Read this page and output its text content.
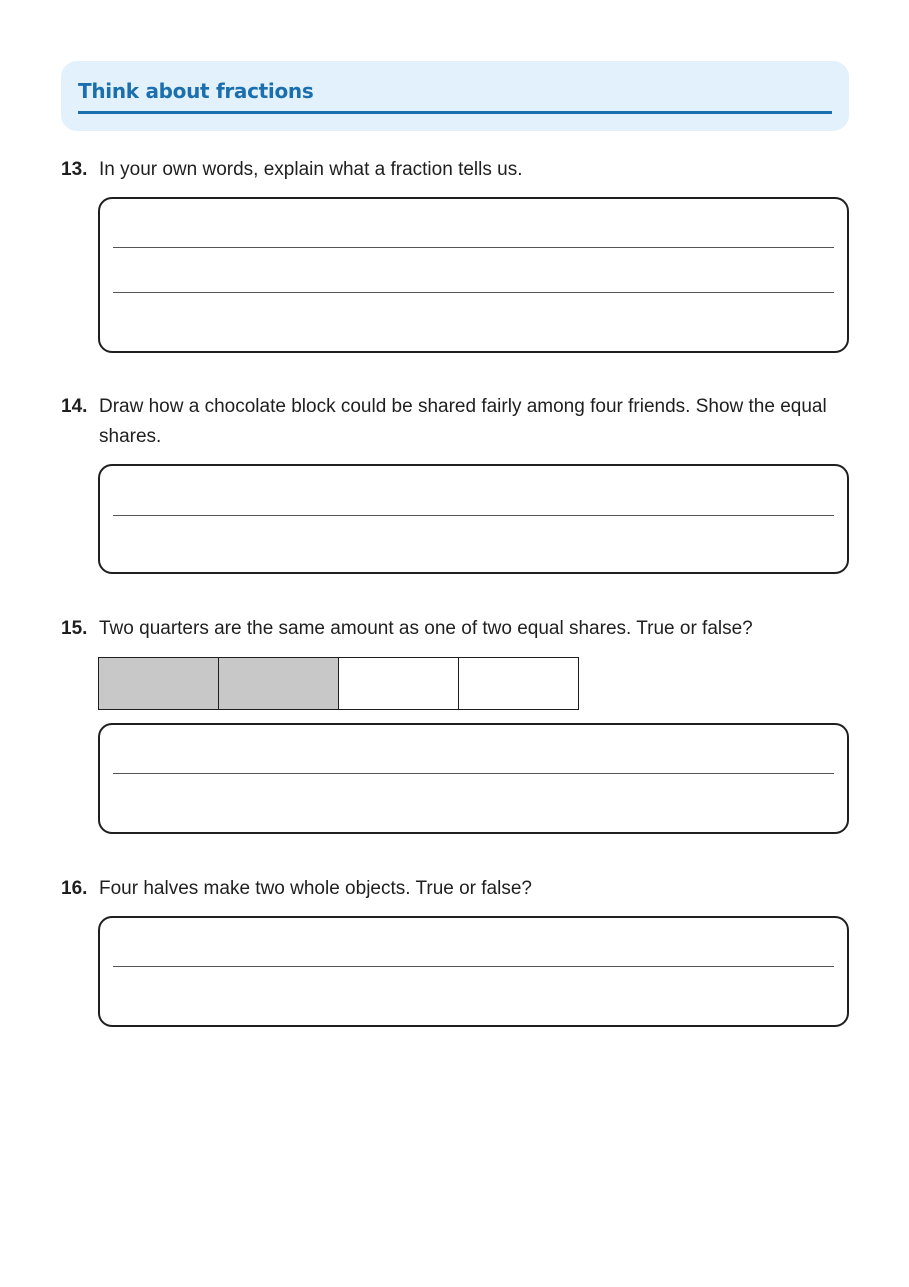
Think about fractions
13. In your own words, explain what a fraction tells us.
14. Draw how a chocolate block could be shared fairly among four friends. Show the equal shares.
15. Two quarters are the same amount as one of two equal shares. True or false?
16. Four halves make two whole objects. True or false?
